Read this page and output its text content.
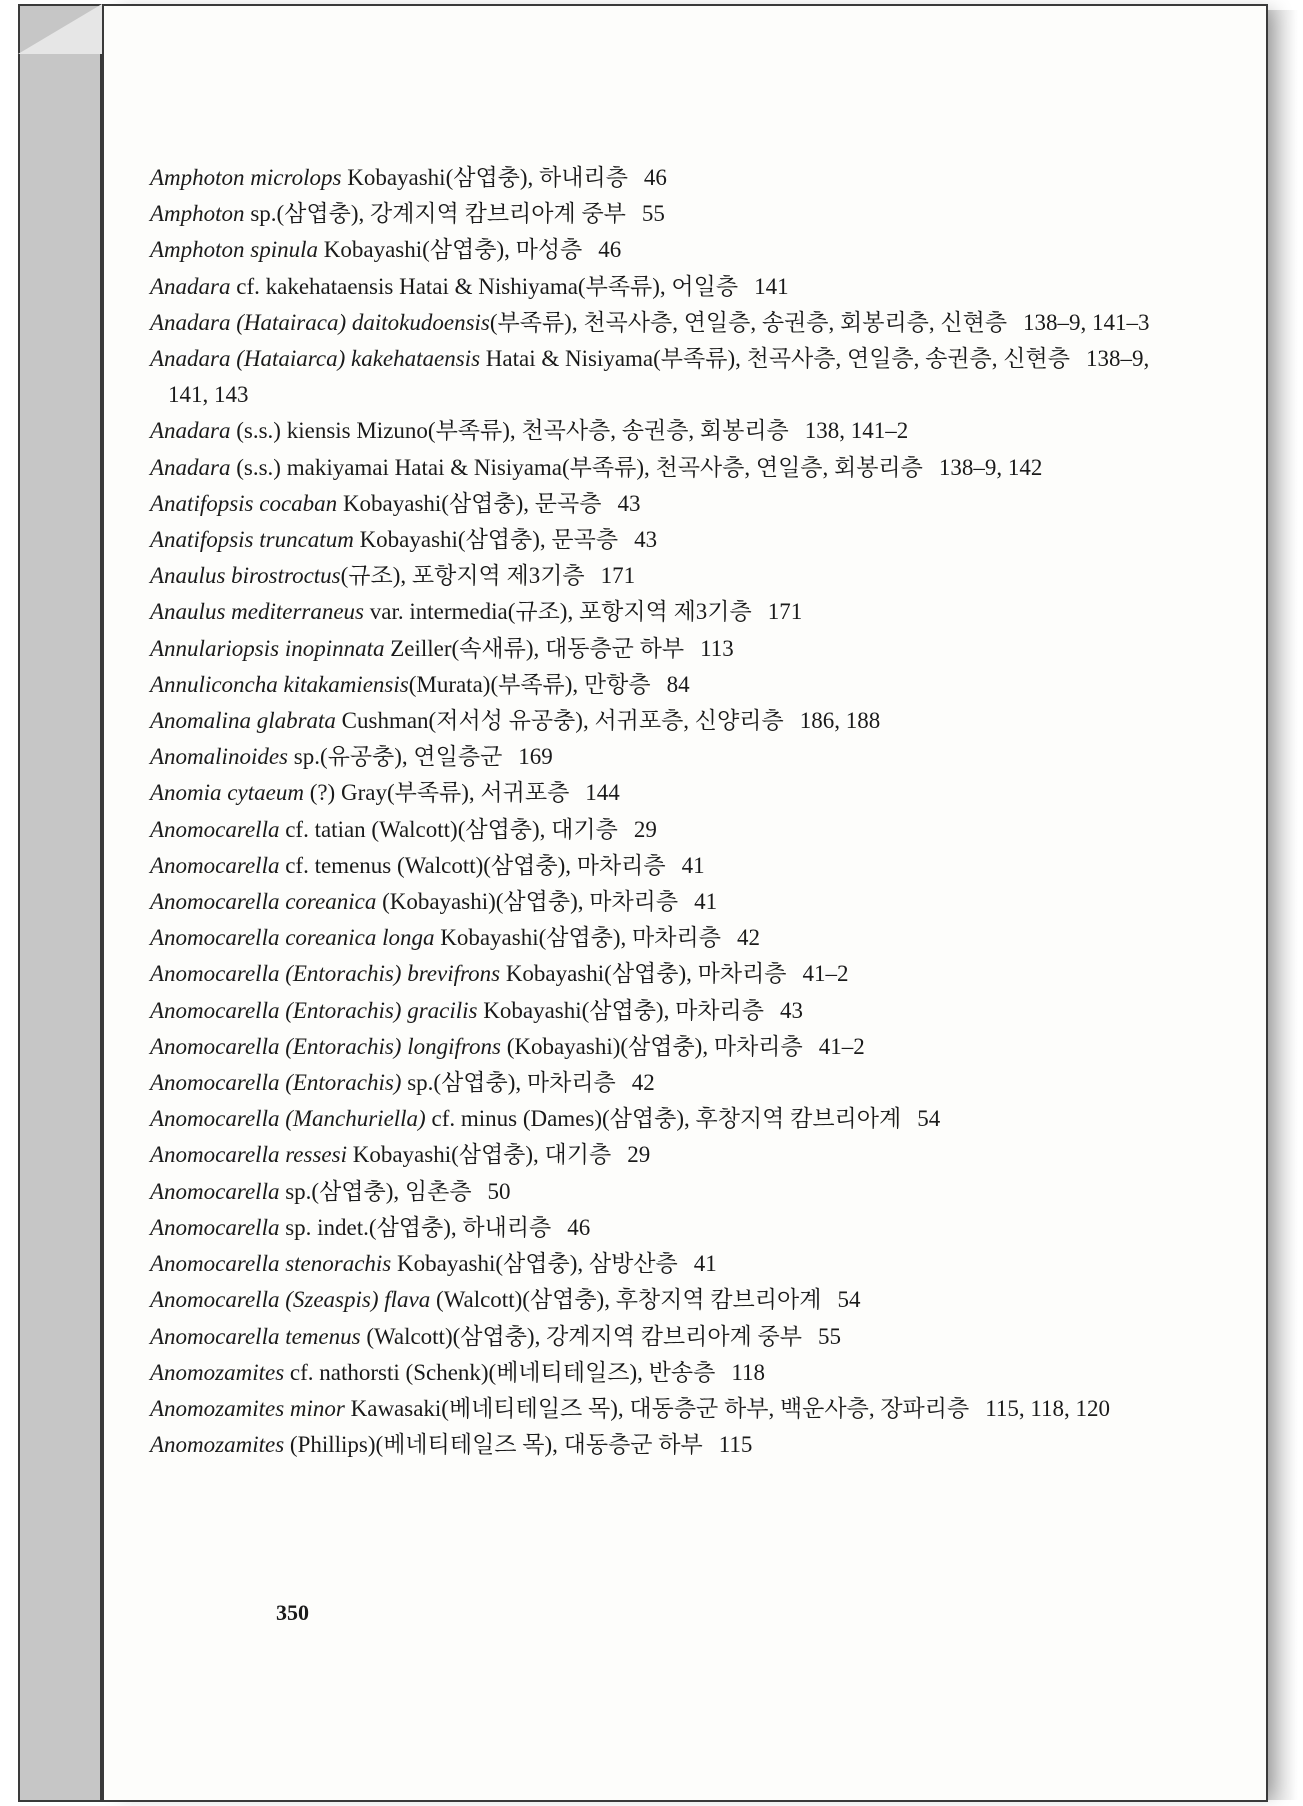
Amphoton microlops Kobayashi(삼엽충), 하내리층 46
Amphoton sp.(삼엽충), 강계지역 캄브리아계 중부 55
Amphoton spinula Kobayashi(삼엽충), 마성층 46
Anadara cf. kakehataensis Hatai & Nishiyama(부족류), 어일층 141
Anadara (Hatairaca) daitokudoensis(부족류), 천곡사층, 연일층, 송권층, 회봉리층, 신현층 138–9, 141–3
Anadara (Hataiarca) kakehataensis Hatai & Nisiyama(부족류), 천곡사층, 연일층, 송권층, 신현층 138–9, 141, 143
Anadara (s.s.) kiensis Mizuno(부족류), 천곡사층, 송권층, 회봉리층 138, 141–2
Anadara (s.s.) makiyamai Hatai & Nisiyama(부족류), 천곡사층, 연일층, 회봉리층 138–9, 142
Anatifopsis cocaban Kobayashi(삼엽충), 문곡층 43
Anatifopsis truncatum Kobayashi(삼엽충), 문곡층 43
Anaulus birostroctus(규조), 포항지역 제3기층 171
Anaulus mediterraneus var. intermedia(규조), 포항지역 제3기층 171
Annulariopsis inopinnata Zeiller(속새류), 대동층군 하부 113
Annuliconcha kitakamiensis(Murata)(부족류), 만항층 84
Anomalina glabrata Cushman(저서성 유공충), 서귀포층, 신양리층 186, 188
Anomalinoides sp.(유공충), 연일층군 169
Anomia cytaeum (?) Gray(부족류), 서귀포층 144
Anomocarella cf. tatian (Walcott)(삼엽충), 대기층 29
Anomocarella cf. temenus (Walcott)(삼엽충), 마차리층 41
Anomocarella coreanica (Kobayashi)(삼엽충), 마차리층 41
Anomocarella coreanica longa Kobayashi(삼엽충), 마차리층 42
Anomocarella (Entorachis) brevifrons Kobayashi(삼엽충), 마차리층 41–2
Anomocarella (Entorachis) gracilis Kobayashi(삼엽충), 마차리층 43
Anomocarella (Entorachis) longifrons (Kobayashi)(삼엽충), 마차리층 41–2
Anomocarella (Entorachis) sp.(삼엽충), 마차리층 42
Anomocarella (Manchuriella) cf. minus (Dames)(삼엽충), 후창지역 캄브리아계 54
Anomocarella ressesi Kobayashi(삼엽충), 대기층 29
Anomocarella sp.(삼엽충), 임촌층 50
Anomocarella sp. indet.(삼엽충), 하내리층 46
Anomocarella stenorachis Kobayashi(삼엽충), 삼방산층 41
Anomocarella (Szeaspis) flava (Walcott)(삼엽충), 후창지역 캄브리아계 54
Anomocarella temenus (Walcott)(삼엽충), 강계지역 캄브리아계 중부 55
Anomozamites cf. nathorsti (Schenk)(베네티테일즈), 반송층 118
Anomozamites minor Kawasaki(베네티테일즈 목), 대동층군 하부, 백운사층, 장파리층 115, 118, 120
Anomozamites (Phillips)(베네티테일즈 목), 대동층군 하부 115
350
